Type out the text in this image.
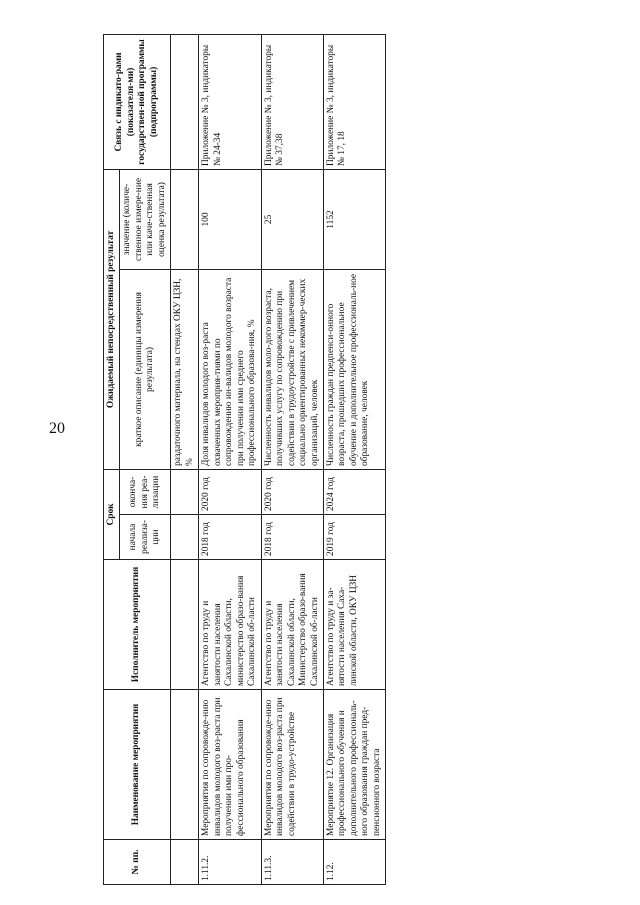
20
№ пп.	Наименование мероприятия	Исполнитель мероприятия	Срок		Ожидаемый непосредственный результат		Связь с индикато-рами (показателя-ми) государствен-ной программы (подпрограммы)
			начала реализа-ции	оконча-ния реа-лизации	краткое описание (единицы измерения результата)	значение (количе-ственное измере-ние или каче-ственная оценка результата)	
					раздаточного материала, на стендах ОКУ ЦЗН, %		
1.11.2.	Мероприятия по сопровожде-нию инвалидов молодого воз-раста при получении ими про-фессионального образования	Агентство по труду и занятости населения Сахалинской области, министерство образо-вания Сахалинской об-ласти	2018 год	2020 год	Доля инвалидов молодого воз-раста охваченных мероприя-тиями по сопровождению ин-валидов молодого возраста при получении ими среднего профессионального образова-ния, %	100	Приложение № 3, индикаторы № 24-34
1.11.3.	Мероприятия по сопровожде-нию инвалидов молодого воз-раста при содействии в трудо-устройстве	Агентство по труду и занятости населения Сахалинской области, Министерство образо-вания Сахалинской об-ласти	2018 год	2020 год	Численность инвалидов моло-дого возраста, получивших услугу по сопровождению при содействии в трудоустройстве с привлечением социально ориентированных некоммер-ческих организаций, человек	25	Приложение № 3, индикаторы № 37,38
1.12.	Мероприятие 12. Организация профессионального обучения и дополнительного профессиональ-ного образования граждан пред-пенсионного возраста	Агентство по труду и за-нятости населения Саха-линской области, ОКУ ЦЗН	2019 год	2024 год	Численность граждан предпенси-онного возраста, прошедших профессиональное обучение и дополнительное профессиональ-ное образование, человек	1152	Приложение № 3, индикаторы № 17, 18
